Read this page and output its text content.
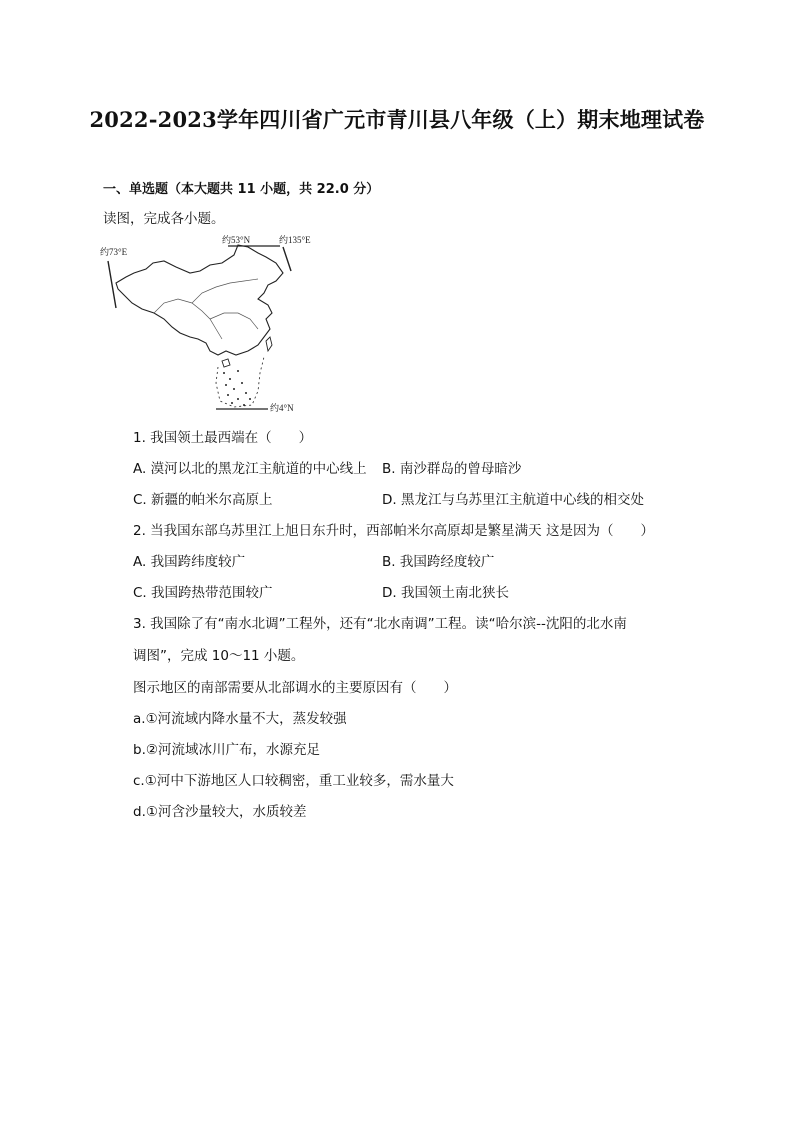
2022-2023学年四川省广元市青川县八年级（上）期末地理试卷
一、单选题（本大题共 11 小题，共 22.0 分）
读图，完成各小题。
约73°E
约53°N	约135°E
约4°N
1. 我国领土最西端在（　　）
A. 漠河以北的黑龙江主航道的中心线上 B. 南沙群岛的曾母暗沙
C. 新疆的帕米尔高原上	D. 黑龙江与乌苏里江主航道中心线的相交处
2. 当我国东部乌苏里江上旭日东升时，西部帕米尔高原却是繁星满天 这是因为（　　）
A. 我国跨纬度较广	B. 我国跨经度较广
C. 我国跨热带范围较广	D. 我国领土南北狭长
3. 我国除了有“南水北调”工程外，还有“北水南调”工程。读“哈尔滨--沈阳的北水南
调图”，完成 10～11 小题。
图示地区的南部需要从北部调水的主要原因有（　　）
a.①河流域内降水量不大，蒸发较强
b.②河流域冰川广布，水源充足
c.①河中下游地区人口较稠密，重工业较多，需水量大
d.①河含沙量较大，水质较差
